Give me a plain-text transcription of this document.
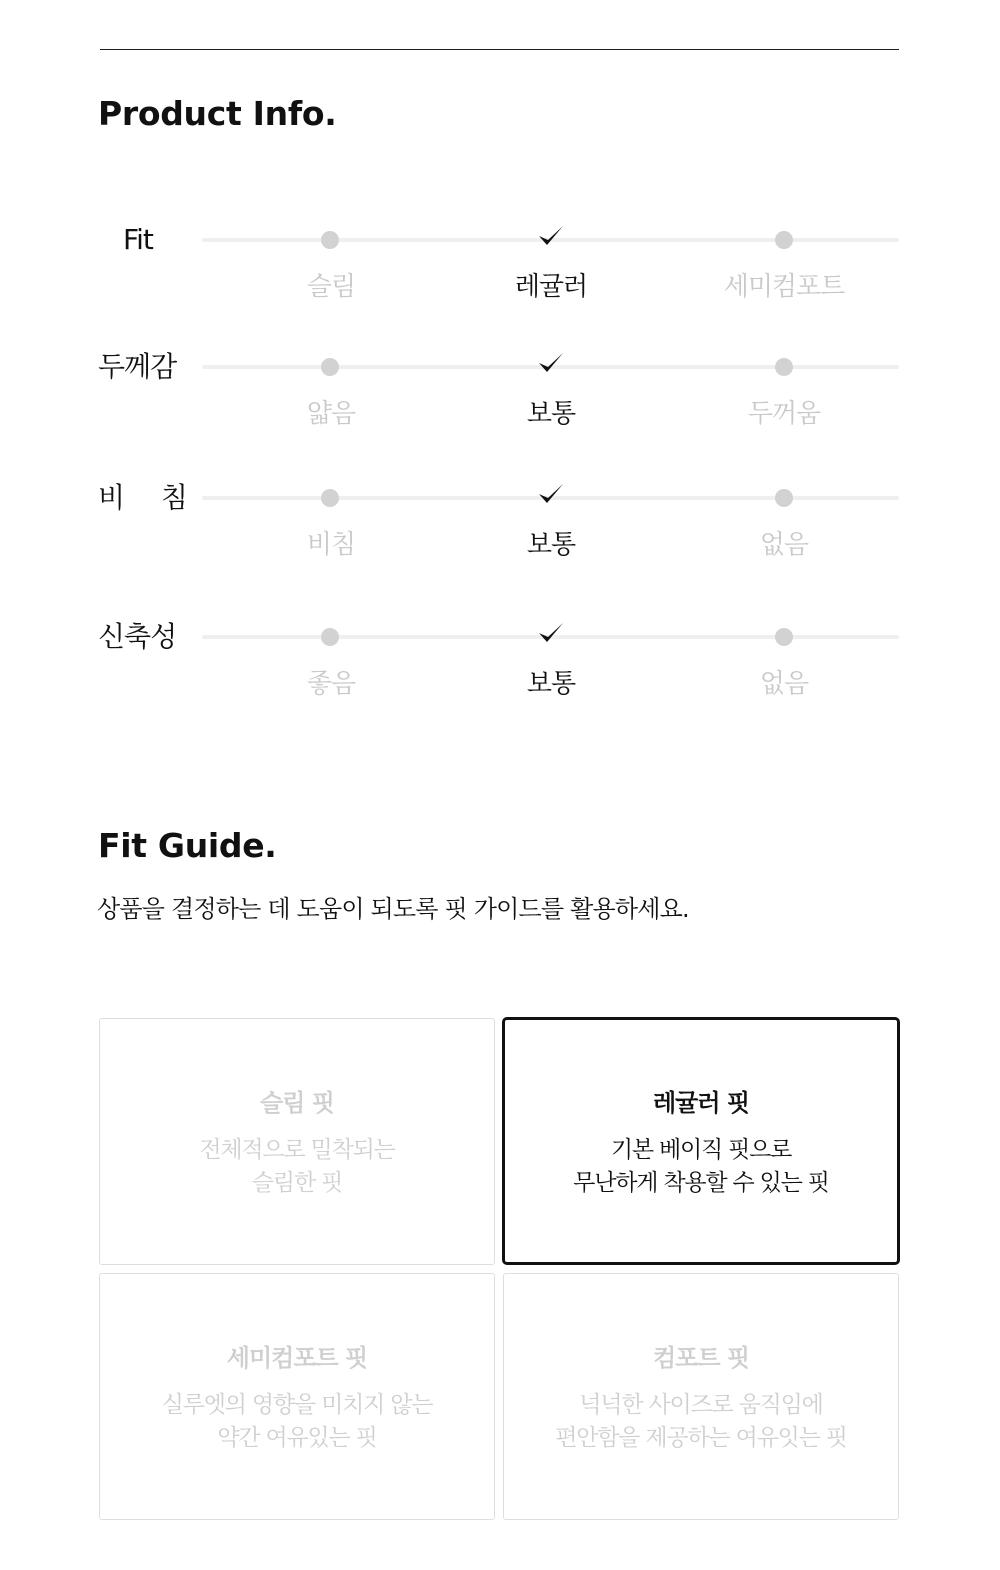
Product Info.
Fit
슬림	레귤러	세미컴포트
두께감
얇음	보통	두꺼움
비  침
비침	보통	없음
신축성
좋음	보통	없음
Fit Guide.

상품을 결정하는 데 도움이 되도록 핏 가이드를 활용하세요.

슬림 핏
전체적으로 밀착되는
슬림한 핏
레귤러 핏
기본 베이직 핏으로
무난하게 착용할 수 있는 핏
세미컴포트 핏
실루엣의 영향을 미치지 않는
약간 여유있는 핏
컴포트 핏
넉넉한 사이즈로 움직임에
편안함을 제공하는 여유잇는 핏
